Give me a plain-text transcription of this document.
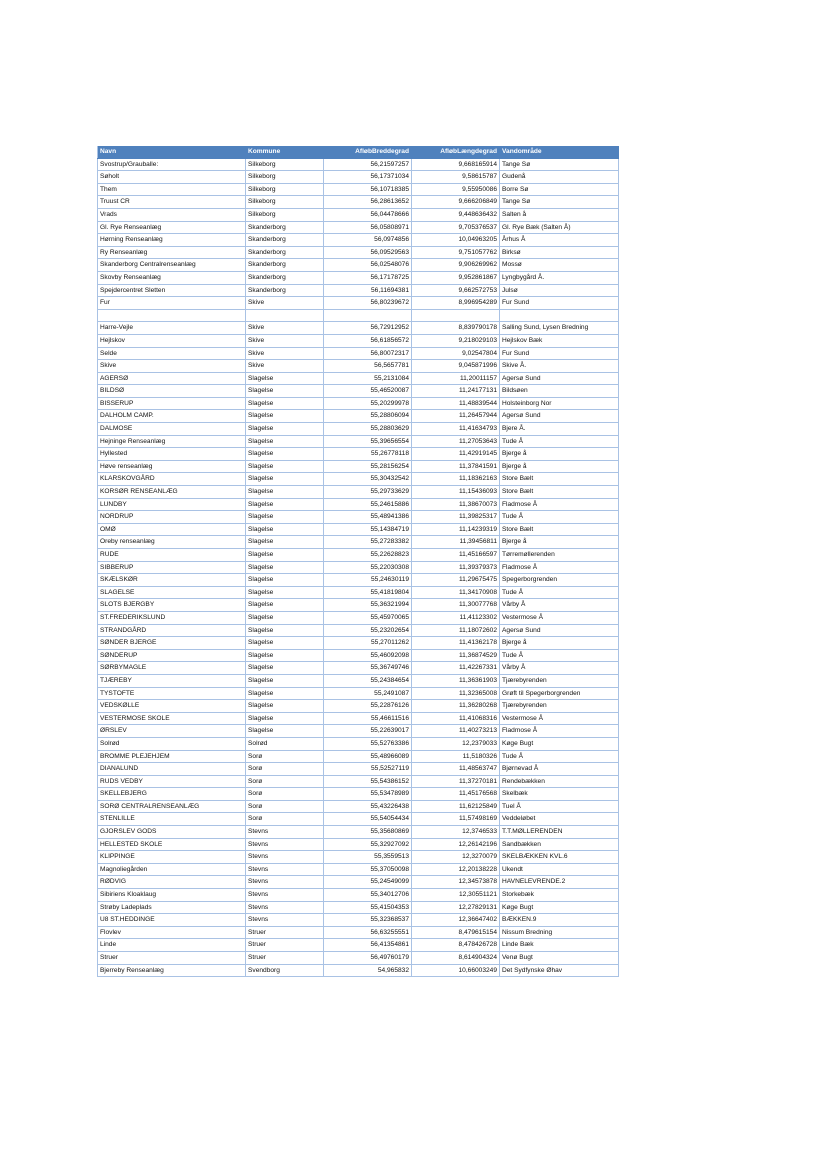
Navn	Kommune	AfløbBreddegrad	AfløbLængdegrad	Vandområde
Svostrup/Grauballe:	Silkeborg	56,21597257	9,668165914	Tange Sø
Søholt	Silkeborg	56,17371034	9,58615787	Gudenå
Them	Silkeborg	56,10718385	9,55950086	Borre Sø
Truust CR	Silkeborg	56,28613652	9,666206849	Tange Sø
Vrads	Silkeborg	56,04478666	9,448636432	Salten å
Gl. Rye Renseanlæg	Skanderborg	56,05808971	9,705376537	Gl. Rye Bæk (Salten Å)
Hørning Renseanlæg	Skanderborg	56,0974856	10,04963205	Århus Å
Ry Renseanlæg	Skanderborg	56,09529563	9,751057762	Birksø
Skanderborg Centralrenseanlæg	Skanderborg	56,02548076	9,906269962	Mossø
Skovby Renseanlæg	Skanderborg	56,17178725	9,952861867	Lyngbygård Å.
Spejdercentret Sletten	Skanderborg	56,11694381	9,662572753	Julsø
Fur	Skive	56,80239672	8,996954289	Fur Sund

Harre-Vejle	Skive	56,72912952	8,839790178	Salling Sund, Lysen Bredning
Hejlskov	Skive	56,61856572	9,218029103	Hejlskov Bæk
Selde	Skive	56,80072317	9,02547804	Fur Sund
Skive	Skive	56,5657781	9,045871996	Skive Å.
AGERSØ	Slagelse	55,2131084	11,20011157	Agersø Sund
BILDSØ	Slagelse	55,46520087	11,24177131	Bildsøen
BISSERUP	Slagelse	55,20299978	11,48839544	Holsteinborg Nor
DALHOLM CAMP.	Slagelse	55,28806094	11,26457944	Agersø Sund
DALMOSE	Slagelse	55,28803629	11,41634793	Bjere Å.
Hejninge Renseanlæg	Slagelse	55,39656554	11,27053643	Tude Å
Hyllested	Slagelse	55,26778118	11,42919145	Bjerge å
Høve renseanlæg	Slagelse	55,28156254	11,37841591	Bjerge å
KLARSKOVGÅRD	Slagelse	55,30432542	11,18362163	Store Bælt
KORSØR RENSEANLÆG	Slagelse	55,29733629	11,15436093	Store Bælt
LUNDBY	Slagelse	55,24615886	11,38670073	Fladmose Å
NORDRUP	Slagelse	55,48941386	11,39825317	Tude Å
OMØ	Slagelse	55,14384719	11,14239319	Store Bælt
Oreby renseanlæg	Slagelse	55,27283382	11,39456811	Bjerge å
RUDE	Slagelse	55,22628823	11,45166597	Tørremøllerenden
SIBBERUP	Slagelse	55,22030308	11,39379373	Fladmose Å
SKÆLSKØR	Slagelse	55,24630119	11,29675475	Spegerborgrenden
SLAGELSE	Slagelse	55,41819804	11,34170908	Tude Å
SLOTS BJERGBY	Slagelse	55,36321994	11,30077768	Vårby Å
ST.FREDERIKSLUND	Slagelse	55,45970065	11,41123302	Vestermose Å
STRANDGÅRD	Slagelse	55,23202654	11,18072602	Agersø Sund
SØNDER BJERGE	Slagelse	55,27011262	11,41362178	Bjerge å
SØNDERUP	Slagelse	55,46092098	11,36874529	Tude Å
SØRBYMAGLE	Slagelse	55,36749746	11,42267331	Vårby Å
TJÆREBY	Slagelse	55,24384654	11,36361903	Tjærebyrenden
TYSTOFTE	Slagelse	55,2491087	11,32365008	Grøft til Spegerborgrenden
VEDSKØLLE	Slagelse	55,22876126	11,36280268	Tjærebyrenden
VESTERMOSE SKOLE	Slagelse	55,46611516	11,41068316	Vestermose Å
ØRSLEV	Slagelse	55,22639017	11,40273213	Fladmose Å
Solrød	Solrød	55,52763386	12,2379033	Køge Bugt
BROMME PLEJEHJEM	Sorø	55,48966089	11,5180326	Tude Å
DIANALUND	Sorø	55,52527119	11,48563747	Bjørnevad Å
RUDS VEDBY	Sorø	55,54386152	11,37270181	Rendebækken
SKELLEBJERG	Sorø	55,53478989	11,45176568	Skelbæk
SORØ CENTRALRENSEANLÆG	Sorø	55,43226438	11,62125849	Tuel Å
STENLILLE	Sorø	55,54054434	11,57498169	Veddeløbet
GJORSLEV GODS	Stevns	55,35680869	12,3746533	T.T.MØLLERENDEN
HELLESTED SKOLE	Stevns	55,32927092	12,26142196	Sandbækken
KLIPPINGE	Stevns	55,3559513	12,3270079	SKELBÆKKEN KVL.6
Magnoliegården	Stevns	55,37050098	12,20138228	Ukendt
RØDVIG	Stevns	55,24549099	12,34573878	HAVNELEVRENDE.2
Sibiriens Kloaklaug	Stevns	55,34012706	12,30551121	Storkebæk
Strøby Ladeplads	Stevns	55,41504353	12,27829131	Køge Bugt
U8 ST.HEDDINGE	Stevns	55,32368537	12,36647402	BÆKKEN.9
Flovlev	Struer	56,63255551	8,479615154	Nissum Bredning
Linde	Struer	56,41354861	8,478426728	Linde Bæk
Struer	Struer	56,49760179	8,614904324	Venø Bugt
Bjerreby Renseanlæg	Svendborg	54,965832	10,66003249	Det Sydfynske Øhav
